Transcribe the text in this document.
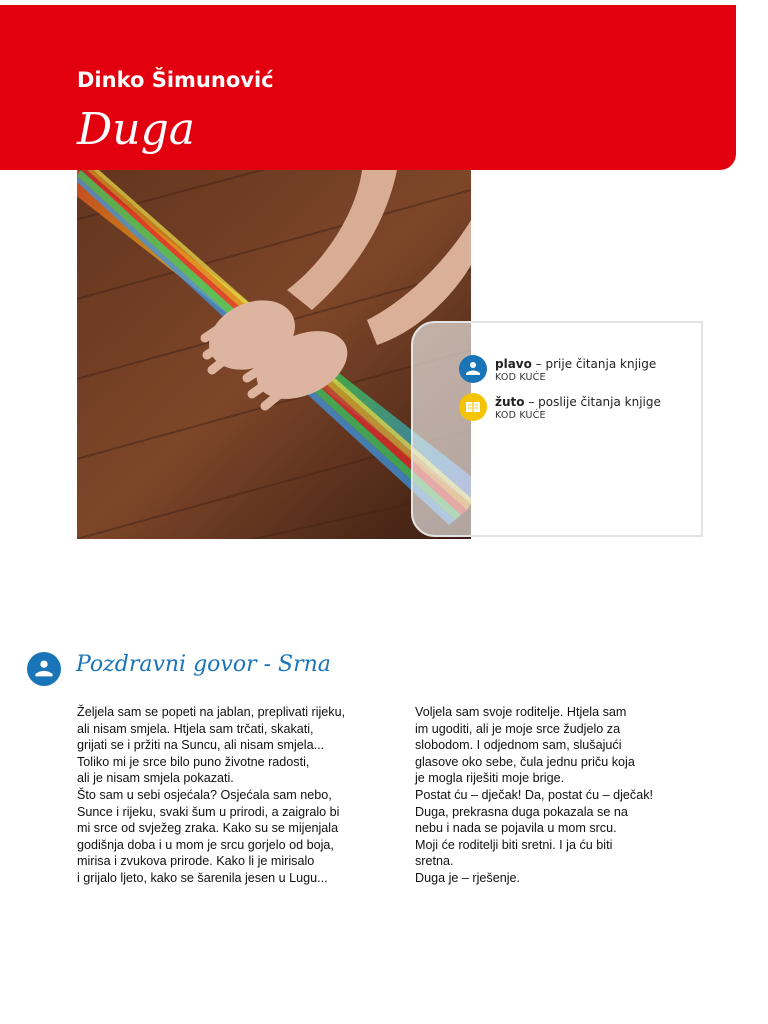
Dinko Šimunović
Duga
plavo – prije čitanja knjige
KOD KUĆE
žuto – poslije čitanja knjige
KOD KUĆE
Pozdravni govor - Srna
Željela sam se popeti na jablan, preplivati rijeku,
ali nisam smjela. Htjela sam trčati, skakati,
grijati se i pržiti na Suncu, ali nisam smjela...
Toliko mi je srce bilo puno životne radosti,
ali je nisam smjela pokazati.
Što sam u sebi osjećala? Osjećala sam nebo,
Sunce i rijeku, svaki šum u prirodi, a zaigralo bi
mi srce od svježeg zraka. Kako su se mijenjala
godišnja doba i u mom je srcu gorjelo od boja,
mirisa i zvukova prirode. Kako li je mirisalo
i grijalo ljeto, kako se šarenila jesen u Lugu...
Voljela sam svoje roditelje. Htjela sam
im ugoditi, ali je moje srce žudjelo za
slobodom. I odjednom sam, slušajući
glasove oko sebe, čula jednu priču koja
je mogla riješiti moje brige.
Postat ću – dječak! Da, postat ću – dječak!
Duga, prekrasna duga pokazala se na
nebu i nada se pojavila u mom srcu.
Moji će roditelji biti sretni. I ja ću biti
sretna.
Duga je – rješenje.
